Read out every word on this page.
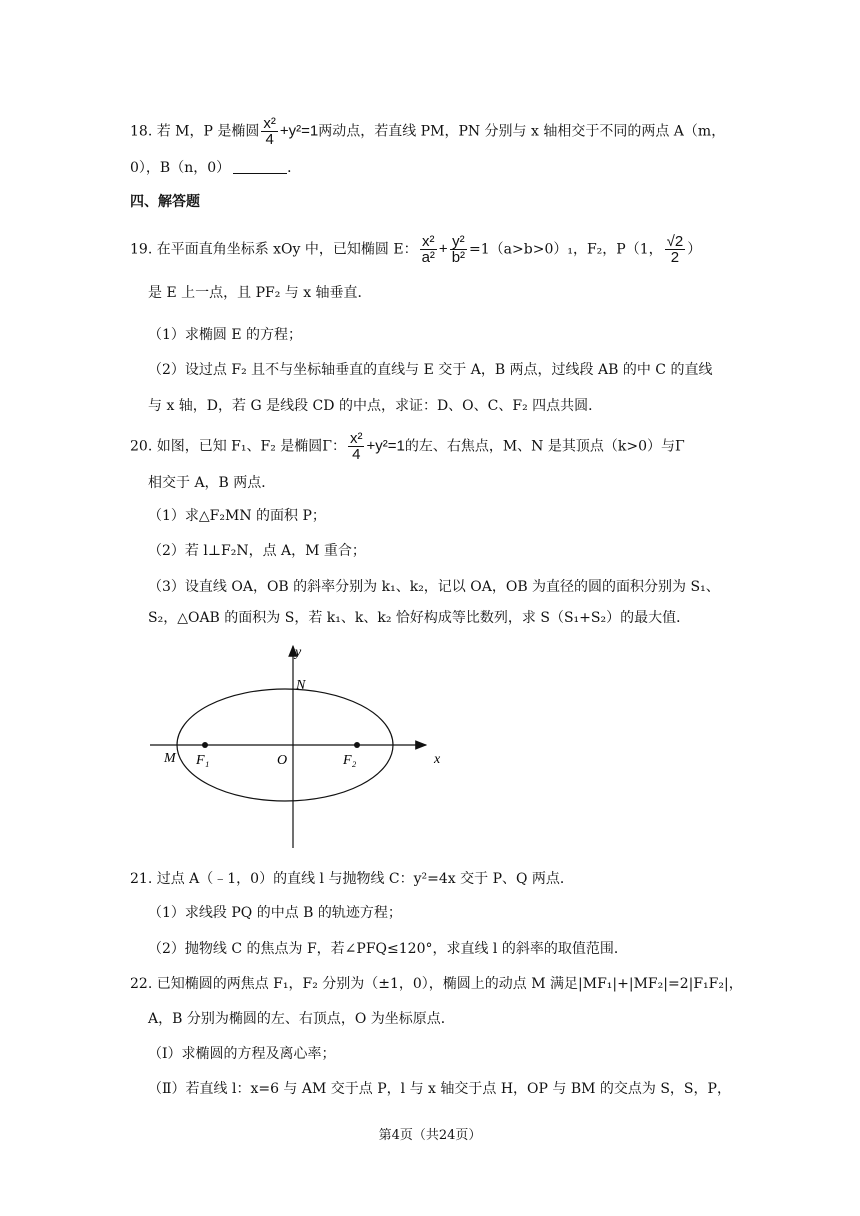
18. 若 M，P 是椭圆 $\frac{\text{x²}}{4} +y^2=1$两动点，若直线 PM，PN 分别与 x 轴相交于不同的两点 A（m，
0），B（n，0）	．
四、解答题
19. 在平面直角坐标系 xOy 中，已知椭圆 E： $\frac{\text{x²}}{\text{a²}} + \frac{\text{y²}}{\text{b²}} =1(a>b>0)_1$，F₂，P（1， $\frac{√2}{2}$ ）
是 E 上一点，且 PF₂ 与 x 轴垂直．
（1）求椭圆 E 的方程；
（2）设过点 F₂ 且不与坐标轴垂直的直线与 E 交于 A，B 两点，过线段 AB 的中 C 的直线
与 x 轴，D，若 G 是线段 CD 的中点，求证：D、O、C、F₂ 四点共圆．
20. 如图，已知 F₁、F₂ 是椭圆Γ： $\frac{\text{x²}}{4} +y^2=1$的左、右焦点，M、N 是其顶点（k>0）与Γ
相交于 A，B 两点．
（1）求△F₂MN 的面积 P；
（2）若 l⊥F₂N，点 A，M 重合；
（3）设直线 OA，OB 的斜率分别为 k₁、k₂，记以 OA，OB 为直径的圆的面积分别为 S₁、
S₂，△OAB 的面积为 S，若 k₁、k、k₂ 恰好构成等比数列，求 S（S₁+S₂）的最大值．
y
x
N
M F₁	O	F₂
21. 过点 A（﹣1，0）的直线 l 与抛物线 C：y²=4x 交于 P、Q 两点．
（1）求线段 PQ 的中点 B 的轨迹方程；
（2）抛物线 C 的焦点为 F，若∠PFQ≤120°，求直线 l 的斜率的取值范围．
22. 已知椭圆的两焦点 F₁，F₂ 分别为（±1，0），椭圆上的动点 M 满足|MF₁|+|MF₂|=2|F₁F₂|，
A，B 分别为椭圆的左、右顶点，O 为坐标原点．
（Ⅰ）求椭圆的方程及离心率；
（Ⅱ）若直线 l：x=6 与 AM 交于点 P，l 与 x 轴交于点 H，OP 与 BM 的交点为 S，S，P，
第4页（共24页）
